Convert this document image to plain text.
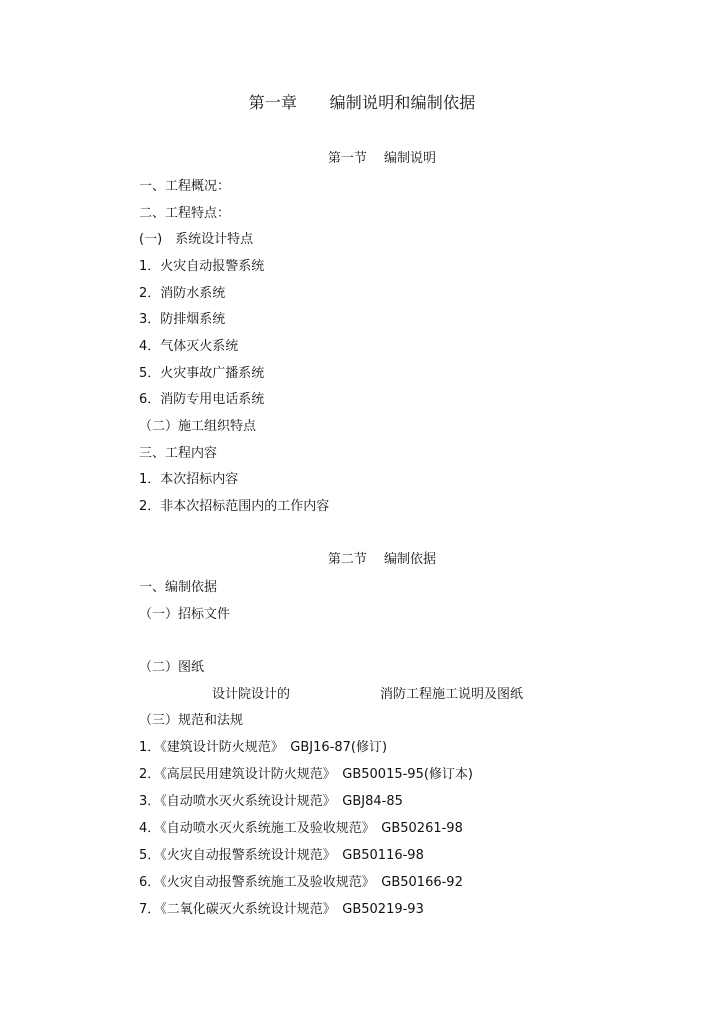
第一章　　编制说明和编制依据
第一节　 编制说明
一、工程概况：
二、工程特点：
(一)　系统设计特点
1．火灾自动报警系统
2．消防水系统
3．防排烟系统
4．气体灭火系统
5．火灾事故广播系统
6．消防专用电话系统
（二）施工组织特点
三、工程内容
1．本次招标内容
2．非本次招标范围内的工作内容
第二节　 编制依据
一、编制依据
（一）招标文件
（二）图纸
设计院设计的	消防工程施工说明及图纸
（三）规范和法规
1．《建筑设计防火规范》　GBJ16-87(修订)
2．《高层民用建筑设计防火规范》　GB50015-95(修订本)
3．《自动喷水灭火系统设计规范》　GBJ84-85
4．《自动喷水灭火系统施工及验收规范》　GB50261-98
5．《火灾自动报警系统设计规范》　GB50116-98
6．《火灾自动报警系统施工及验收规范》　GB50166-92
7．《二氧化碳灭火系统设计规范》　GB50219-93
